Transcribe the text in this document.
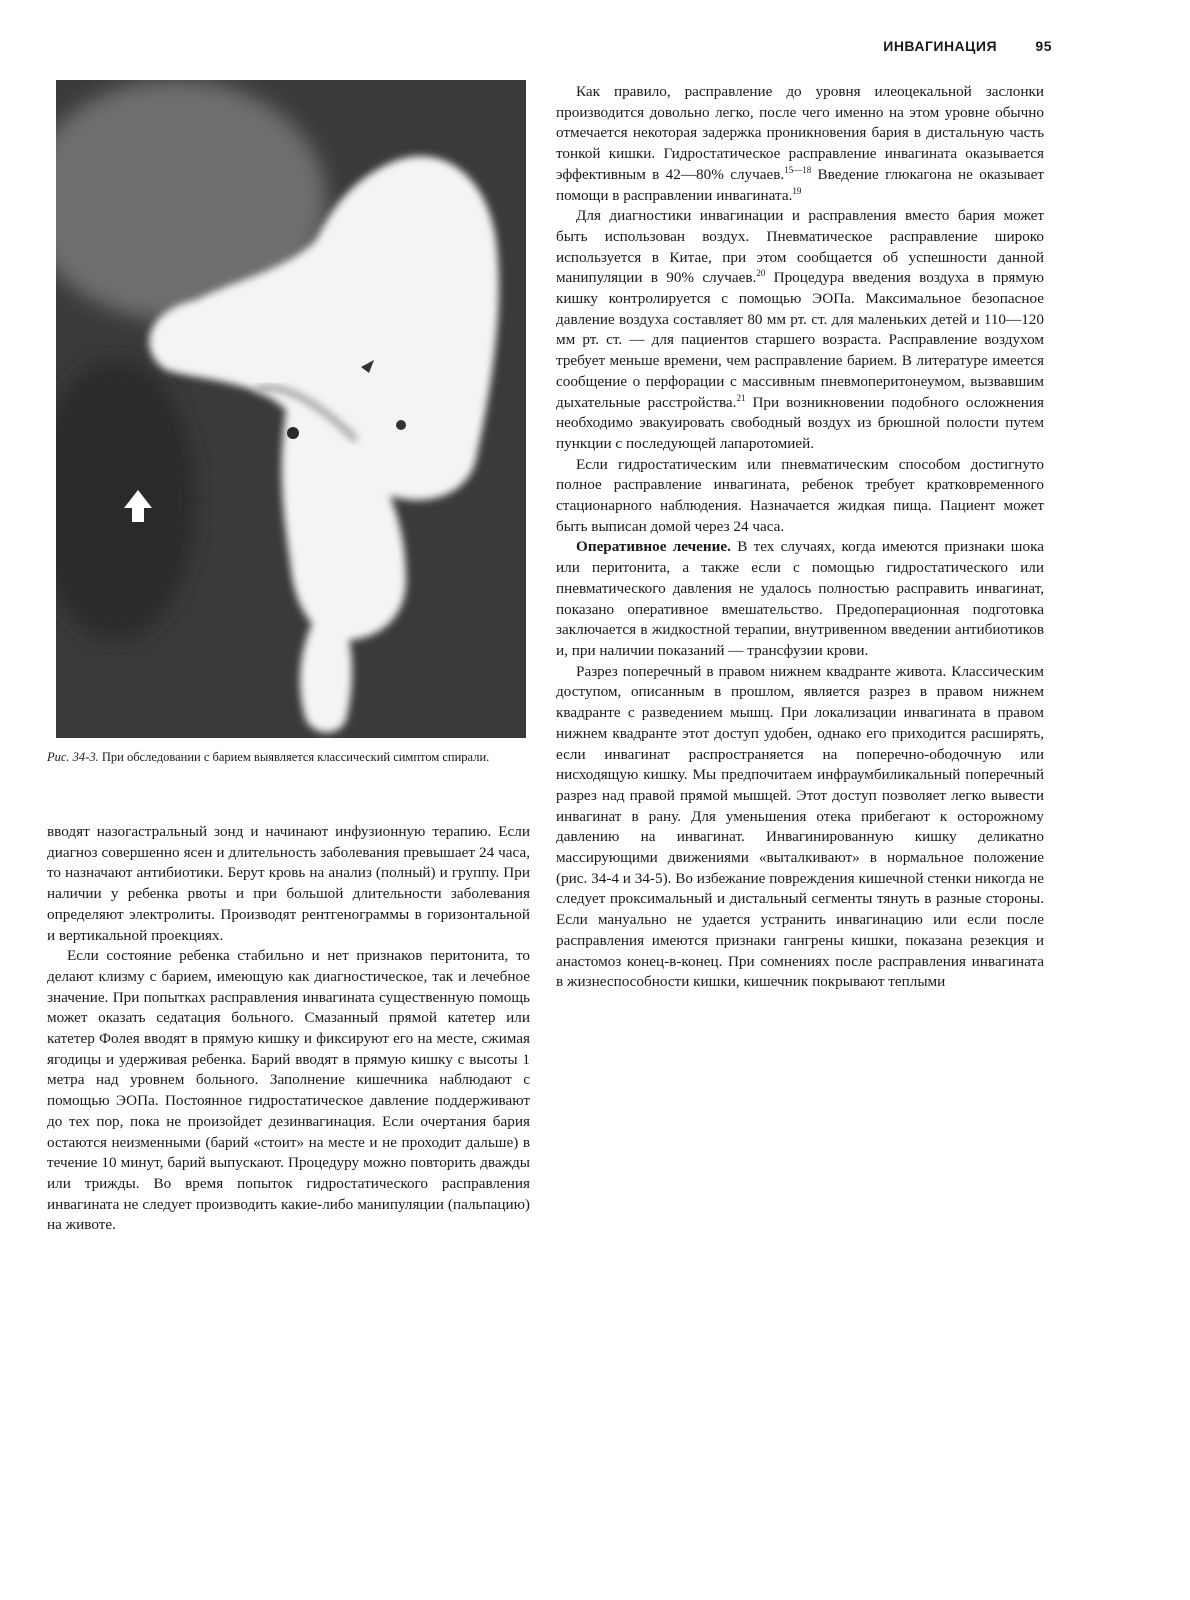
ИНВАГИНАЦИЯ	95
Рис. 34-3. При обследовании с барием выявляется классический симптом спирали.

вводят назогастральный зонд и начинают инфузионную терапию. Если диагноз совершенно ясен и длительность заболевания превышает 24 часа, то назначают антибиотики. Берут кровь на анализ (полный) и группу. При наличии у ребенка рвоты и при большой длительности заболевания определяют электролиты. Производят рентгенограммы в горизонтальной и вертикальной проекциях.

Если состояние ребенка стабильно и нет признаков перитонита, то делают клизму с барием, имеющую как диагностическое, так и лечебное значение. При попытках расправления инвагината существенную помощь может оказать седатация больного. Смазанный прямой катетер или катетер Фолея вводят в прямую кишку и фиксируют его на месте, сжимая ягодицы и удерживая ребенка. Барий вводят в прямую кишку с высоты 1 метра над уровнем больного. Заполнение кишечника наблюдают с помощью ЭОПа. Постоянное гидростатическое давление поддерживают до тех пор, пока не произойдет дезинвагинация. Если очертания бария остаются неизменными (барий «стоит» на месте и не проходит дальше) в течение 10 минут, барий выпускают. Процедуру можно повторить дважды или трижды. Во время попыток гидростатического расправления инвагината не следует производить какие-либо манипуляции (пальпацию) на животе.

Как правило, расправление до уровня илеоцекальной заслонки производится довольно легко, после чего именно на этом уровне обычно отмечается некоторая задержка проникновения бария в дистальную часть тонкой кишки. Гидростатическое расправление инвагината оказывается эффективным в 42—80% случаев.$^{15—18}$ Введение глюкагона не оказывает помощи в расправлении инвагината.$^{19}$

Для диагностики инвагинации и расправления вместо бария может быть использован воздух. Пневматическое расправление широко используется в Китае, при этом сообщается об успешности данной манипуляции в 90% случаев.$^{20}$ Процедура введения воздуха в прямую кишку контролируется с помощью ЭОПа. Максимальное безопасное давление воздуха составляет 80 мм рт. ст. для маленьких детей и 110—120 мм рт. ст. — для пациентов старшего возраста. Расправление воздухом требует меньше времени, чем расправление барием. В литературе имеется сообщение о перфорации с массивным пневмоперитонеумом, вызвавшим дыхательные расстройства.$^{21}$ При возникновении подобного осложнения необходимо эвакуировать свободный воздух из брюшной полости путем пункции с последующей лапаротомией.

Если гидростатическим или пневматическим способом достигнуто полное расправление инвагината, ребенок требует кратковременного стационарного наблюдения. Назначается жидкая пища. Пациент может быть выписан домой через 24 часа.

Оперативное лечение. В тех случаях, когда имеются признаки шока или перитонита, а также если с помощью гидростатического или пневматического давления не удалось полностью расправить инвагинат, показано оперативное вмешательство. Предоперационная подготовка заключается в жидкостной терапии, внутривенном введении антибиотиков и, при наличии показаний — трансфузии крови.

Разрез поперечный в правом нижнем квадранте живота. Классическим доступом, описанным в прошлом, является разрез в правом нижнем квадранте с разведением мышц. При локализации инвагината в правом нижнем квадранте этот доступ удобен, однако его приходится расширять, если инвагинат распространяется на поперечно-ободочную или нисходящую кишку. Мы предпочитаем инфраумбиликальный поперечный разрез над правой прямой мышцей. Этот доступ позволяет легко вывести инвагинат в рану. Для уменьшения отека прибегают к осторожному давлению на инвагинат. Инвагинированную кишку деликатно массирующими движениями «выталкивают» в нормальное положение (рис. 34-4 и 34-5). Во избежание повреждения кишечной стенки никогда не следует проксимальный и дистальный сегменты тянуть в разные стороны. Если мануально не удается устранить инвагинацию или если после расправления имеются признаки гангрены кишки, показана резекция и анастомоз конец-в-конец. При сомнениях после расправления инвагината в жизнеспособности кишки, кишечник покрывают теплыми
